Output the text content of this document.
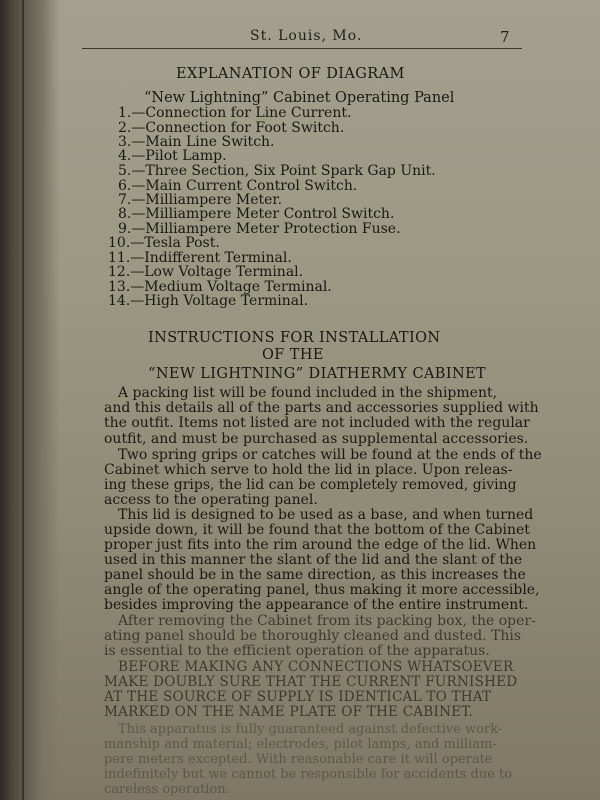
St. Louis, Mo.	7
EXPLANATION OF DIAGRAM
“New Lightning” Cabinet Operating Panel
1.—Connection for Line Current.
2.—Connection for Foot Switch.
3.—Main Line Switch.
4.—Pilot Lamp.
5.—Three Section, Six Point Spark Gap Unit.
6.—Main Current Control Switch.
7.—Milliampere Meter.
8.—Milliampere Meter Control Switch.
9.—Milliampere Meter Protection Fuse.
10.—Tesla Post.
11.—Indifferent Terminal.
12.—Low Voltage Terminal.
13.—Medium Voltage Terminal.
14.—High Voltage Terminal.
INSTRUCTIONS FOR INSTALLATION
OF THE
“NEW LIGHTNING” DIATHERMY CABINET
A packing list will be found included in the shipment,
and this details all of the parts and accessories supplied with
the outfit. Items not listed are not included with the regular
outfit, and must be purchased as supplemental accessories.
Two spring grips or catches will be found at the ends of the
Cabinet which serve to hold the lid in place. Upon releas-
ing these grips, the lid can be completely removed, giving
access to the operating panel.
This lid is designed to be used as a base, and when turned
upside down, it will be found that the bottom of the Cabinet
proper just fits into the rim around the edge of the lid. When
used in this manner the slant of the lid and the slant of the
panel should be in the same direction, as this increases the
angle of the operating panel, thus making it more accessible,
besides improving the appearance of the entire instrument.
After removing the Cabinet from its packing box, the oper-
ating panel should be thoroughly cleaned and dusted. This
is essential to the efficient operation of the apparatus.
BEFORE MAKING ANY CONNECTIONS WHATSOEVER
MAKE DOUBLY SURE THAT THE CURRENT FURNISHED
AT THE SOURCE OF SUPPLY IS IDENTICAL TO THAT
MARKED ON THE NAME PLATE OF THE CABINET.
This apparatus is fully guaranteed against defective work-
manship and material; electrodes, pilot lamps, and milliam-
pere meters excepted. With reasonable care it will operate
indefinitely but we cannot be responsible for accidents due to
careless operation.
